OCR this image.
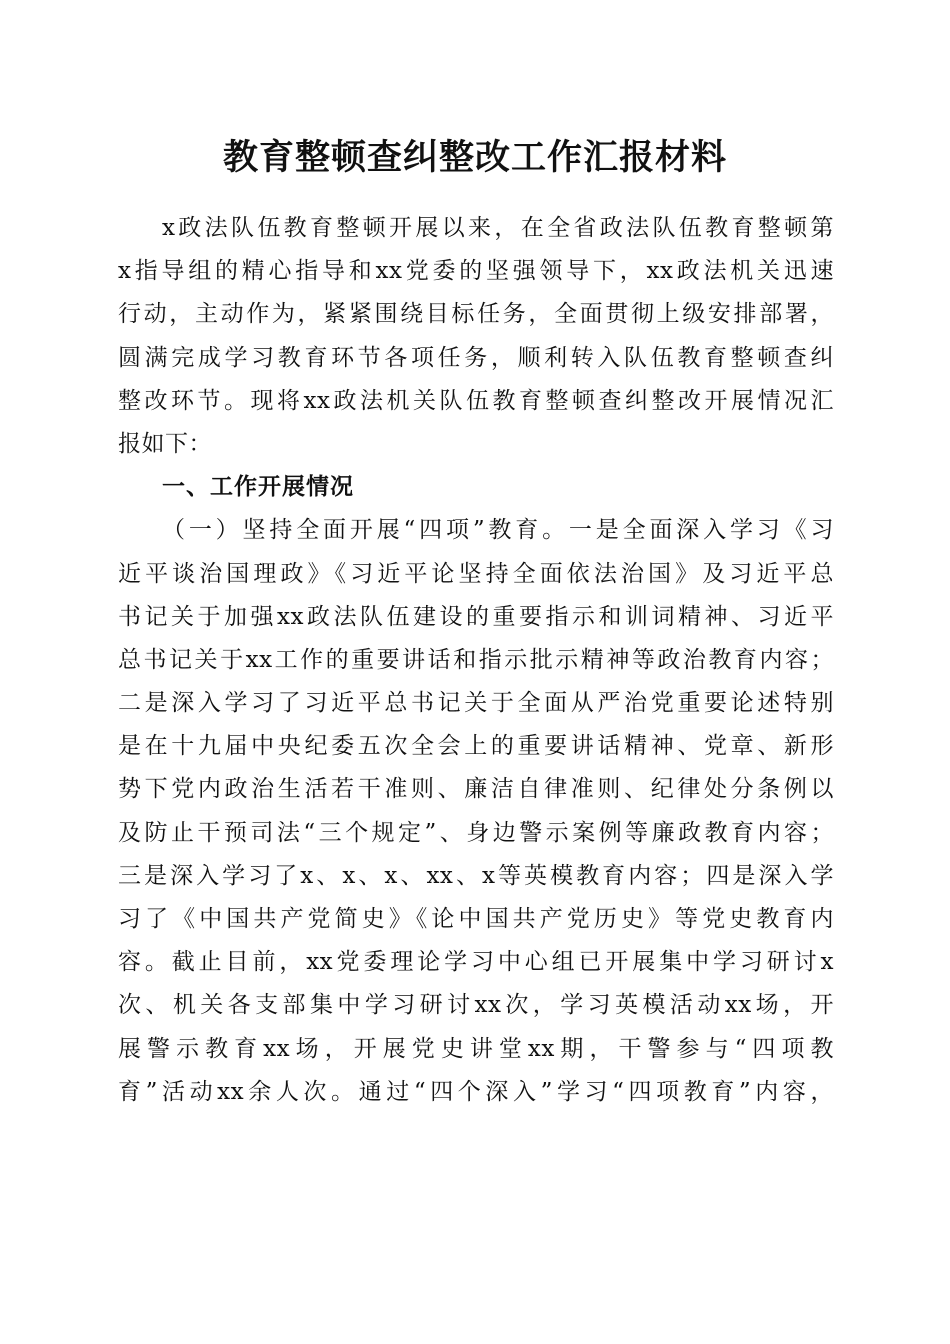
教育整顿查纠整改工作汇报材料
x政法队伍教育整顿开展以来，在全省政法队伍教育整顿第
x指导组的精心指导和xx党委的坚强领导下，xx政法机关迅速
行动，主动作为，紧紧围绕目标任务，全面贯彻上级安排部署，
圆满完成学习教育环节各项任务，顺利转入队伍教育整顿查纠
整改环节。现将xx政法机关队伍教育整顿查纠整改开展情况汇
报如下：
一、工作开展情况
（一）坚持全面开展“四项”教育。一是全面深入学习《习
近平谈治国理政》《习近平论坚持全面依法治国》及习近平总
书记关于加强xx政法队伍建设的重要指示和训词精神、习近平
总书记关于xx工作的重要讲话和指示批示精神等政治教育内容；
二是深入学习了习近平总书记关于全面从严治党重要论述特别
是在十九届中央纪委五次全会上的重要讲话精神、党章、新形
势下党内政治生活若干准则、廉洁自律准则、纪律处分条例以
及防止干预司法“三个规定”、身边警示案例等廉政教育内容；
三是深入学习了x、x、x、xx、x等英模教育内容；四是深入学
习了《中国共产党简史》《论中国共产党历史》等党史教育内
容。截止目前，xx党委理论学习中心组已开展集中学习研讨x
次、机关各支部集中学习研讨xx次，学习英模活动xx场，开
展警示教育xx场，开展党史讲堂xx期，干警参与“四项教
育”活动xx余人次。通过“四个深入”学习“四项教育”内容，
